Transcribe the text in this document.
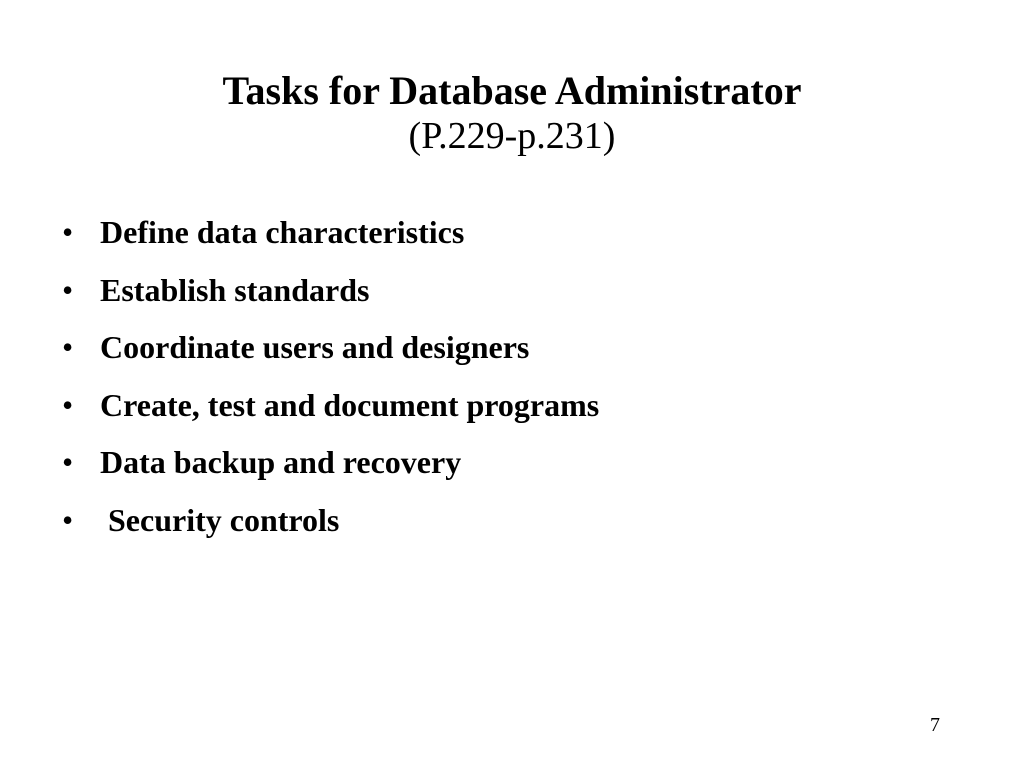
Tasks for Database Administrator
(P.229-p.231)
• Define data characteristics
• Establish standards
• Coordinate users and designers
• Create, test and document programs
• Data backup and recovery
• Security controls
7
